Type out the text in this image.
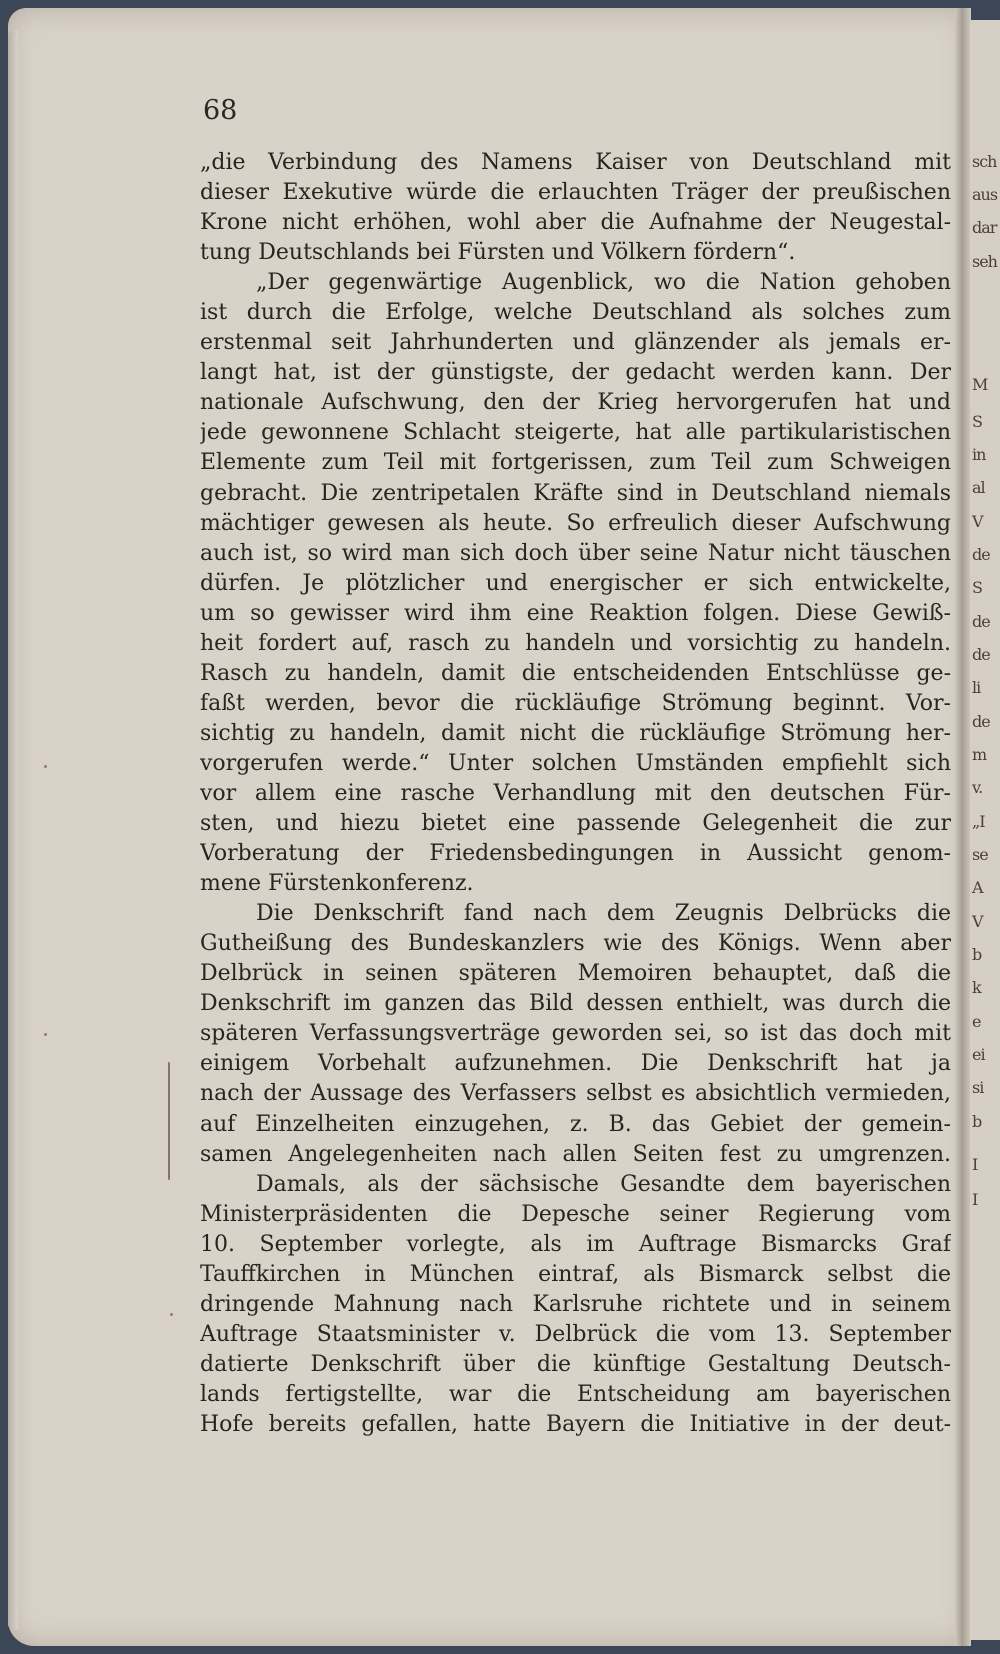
sch
aus
dar
seh
M
S
in
al
V
de
S
de
de
li
de
m
v.
„I
se
A
V
b
k
e
ei
si
b
I
I

68

„die Verbindung des Namens Kaiser von Deutschland mit
dieser Exekutive würde die erlauchten Träger der preußischen
Krone nicht erhöhen, wohl aber die Aufnahme der Neugestal-
tung Deutschlands bei Fürsten und Völkern fördern“.
„Der gegenwärtige Augenblick, wo die Nation gehoben
ist durch die Erfolge, welche Deutschland als solches zum
erstenmal seit Jahrhunderten und glänzender als jemals er-
langt hat, ist der günstigste, der gedacht werden kann. Der
nationale Aufschwung, den der Krieg hervorgerufen hat und
jede gewonnene Schlacht steigerte, hat alle partikularistischen
Elemente zum Teil mit fortgerissen, zum Teil zum Schweigen
gebracht. Die zentripetalen Kräfte sind in Deutschland niemals
mächtiger gewesen als heute. So erfreulich dieser Aufschwung
auch ist, so wird man sich doch über seine Natur nicht täuschen
dürfen. Je plötzlicher und energischer er sich entwickelte,
um so gewisser wird ihm eine Reaktion folgen. Diese Gewiß-
heit fordert auf, rasch zu handeln und vorsichtig zu handeln.
Rasch zu handeln, damit die entscheidenden Entschlüsse ge-
faßt werden, bevor die rückläufige Strömung beginnt. Vor-
sichtig zu handeln, damit nicht die rückläufige Strömung her-
vorgerufen werde.“ Unter solchen Umständen empfiehlt sich
vor allem eine rasche Verhandlung mit den deutschen Für-
sten, und hiezu bietet eine passende Gelegenheit die zur
Vorberatung der Friedensbedingungen in Aussicht genom-
mene Fürstenkonferenz.
Die Denkschrift fand nach dem Zeugnis Delbrücks die
Gutheißung des Bundeskanzlers wie des Königs. Wenn aber
Delbrück in seinen späteren Memoiren behauptet, daß die
Denkschrift im ganzen das Bild dessen enthielt, was durch die
späteren Verfassungsverträge geworden sei, so ist das doch mit
einigem Vorbehalt aufzunehmen. Die Denkschrift hat ja
nach der Aussage des Verfassers selbst es absichtlich vermieden,
auf Einzelheiten einzugehen, z. B. das Gebiet der gemein-
samen Angelegenheiten nach allen Seiten fest zu umgrenzen.
Damals, als der sächsische Gesandte dem bayerischen
Ministerpräsidenten die Depesche seiner Regierung vom
10. September vorlegte, als im Auftrage Bismarcks Graf
Tauffkirchen in München eintraf, als Bismarck selbst die
dringende Mahnung nach Karlsruhe richtete und in seinem
Auftrage Staatsminister v. Delbrück die vom 13. September
datierte Denkschrift über die künftige Gestaltung Deutsch-
lands fertigstellte, war die Entscheidung am bayerischen
Hofe bereits gefallen, hatte Bayern die Initiative in der deut-
